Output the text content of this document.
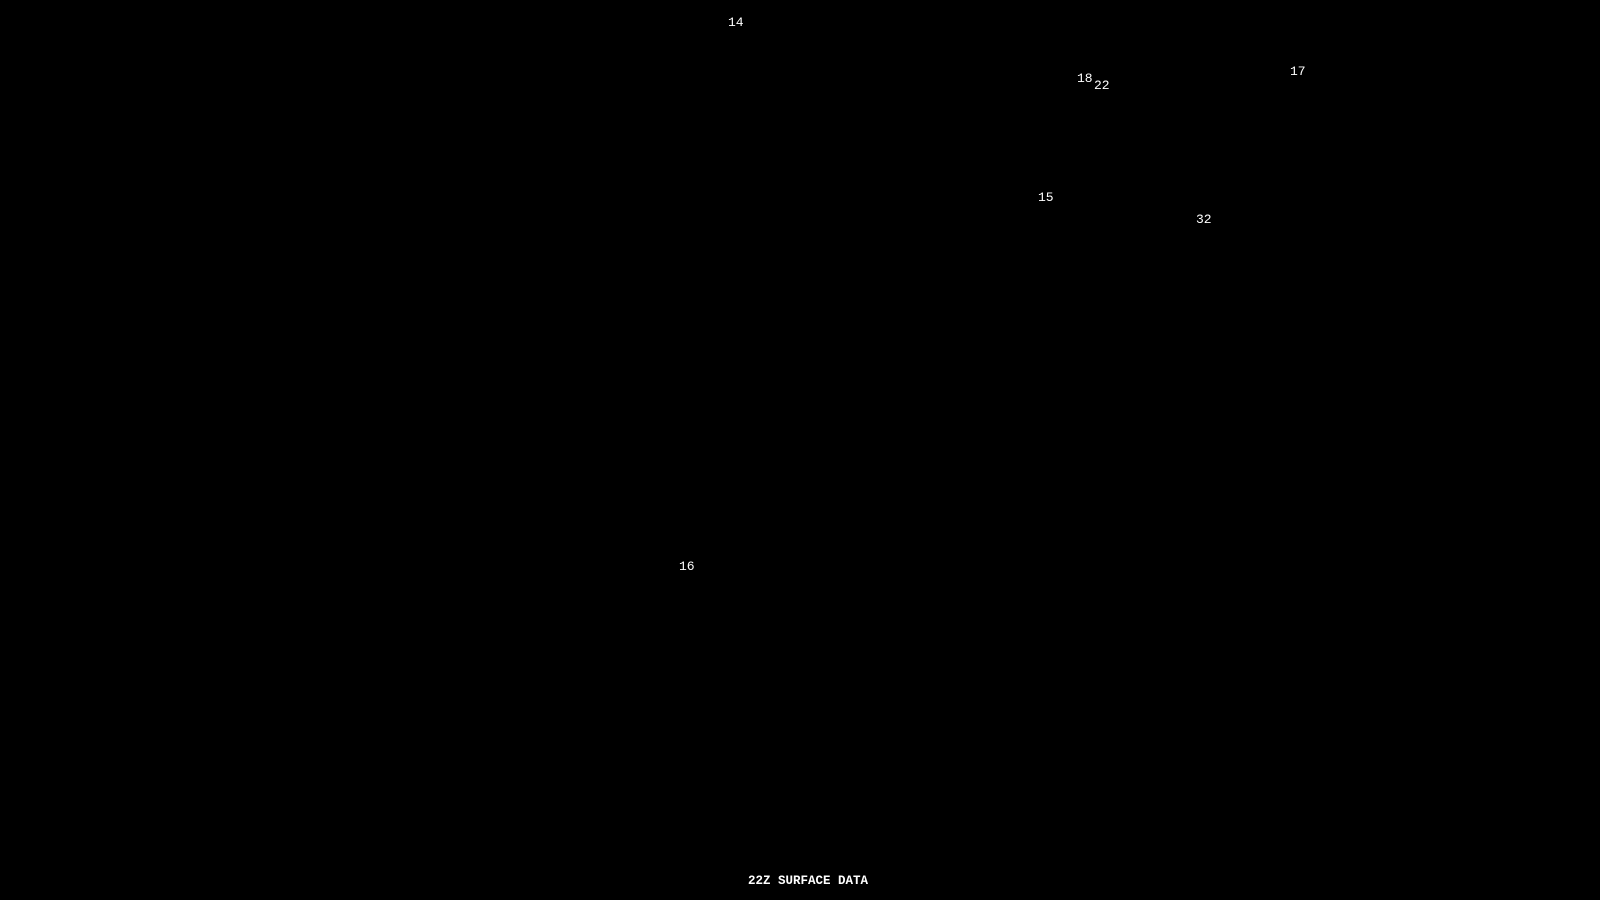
22Z SURFACE DATA
14
18 22
17
15
32
16
